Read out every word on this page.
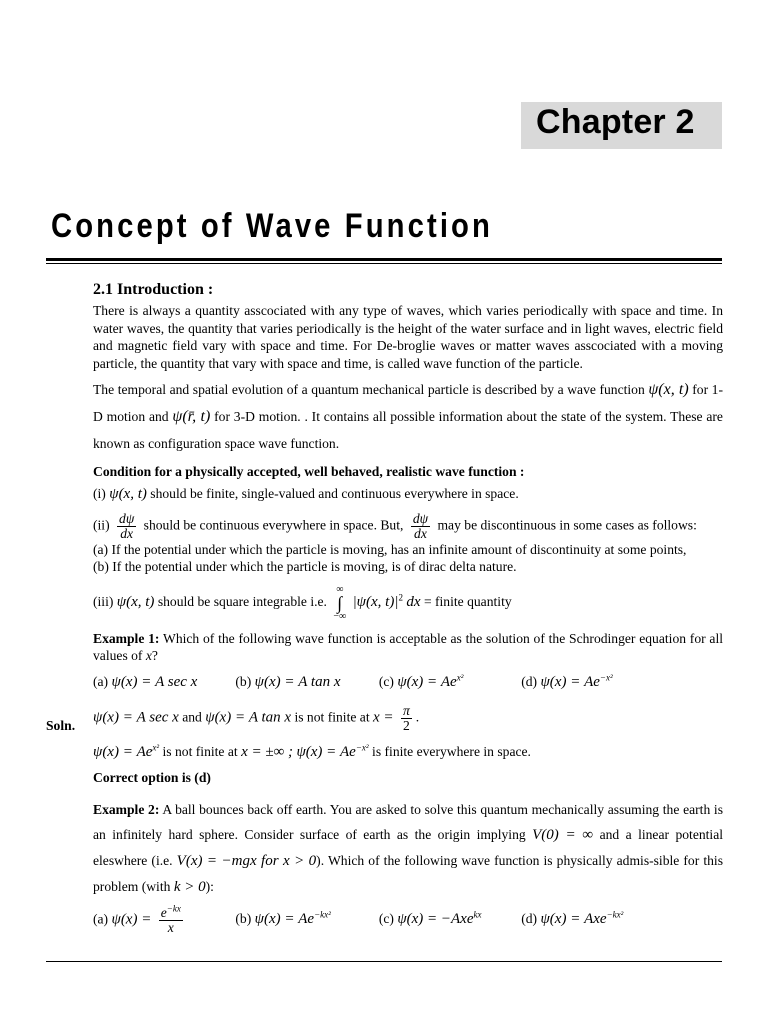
Chapter 2
Concept of Wave Function
2.1 Introduction :
There is always a quantity asscociated with any type of waves, which varies periodically with space and time. In water waves, the quantity that varies periodically is the height of the water surface and in light waves, electric field and magnetic field vary with space and time. For De-broglie waves or matter waves asscociated with a moving particle, the quantity that vary with space and time, is called wave function of the particle.
The temporal and spatial evolution of a quantum mechanical particle is described by a wave function ψ(x, t) for 1-D motion and ψ(r̄, t) for 3-D motion. . It contains all possible information about the state of the system. These are known as configuration space wave function.
Condition for a physically accepted, well behaved, realistic wave function :
(i) ψ(x, t) should be finite, single-valued and continuous everywhere in space.
$(ii) \frac{d\psi}{dx}$ should be continuous everywhere in space. But, $\frac{d\psi}{dx}$ may be discontinuous in some cases as follows:
(a) If the potential under which the particle is moving, has an infinite amount of discontinuity at some points,
(b) If the potential under which the particle is moving, is of dirac delta nature.
(iii) ψ(x, t) should be square integrable i.e.
∞
∫
−∞
|ψ(x, $t)|^2$ dx = finite quantity
Example 1: Which of the following wave function is acceptable as the solution of the Schrodinger equation for all values of x?
(a) ψ(x) = A sec x	(b) ψ(x) = A tan x	(c) $\psi(x) = Ae^{x^2}$	(d) $\psi(x) = Ae^{-x^2}$
ψ(x) = A sec x and ψ(x) = A tan x is not finite at $x = \frac{\pi}{2}$ .
$\psi(x) = Ae^{x^2}$ is not finite at x = ±∞ ; $\psi(x) = Ae^{-x^2}$ is finite everywhere in space.
Correct option is (d)
Example 2: A ball bounces back off earth. You are asked to solve this quantum mechanically assuming the earth is an infinitely hard sphere. Consider surface of earth as the origin implying V(0) = ∞ and a linear potential eleswhere (i.e. V(x) = −mgx for x > 0). Which of the following wave function is physically admis-sible for this problem (with k > 0):
(a) $\psi(x) = \frac{e^{-kx}}{x}$	(b) $\psi(x) = Ae^{-kx^2}$	(c) ψ(x) = −Axe$^{kx}$	(d) ψ(x) = Axe$^{-kx^2}$
Soln.
